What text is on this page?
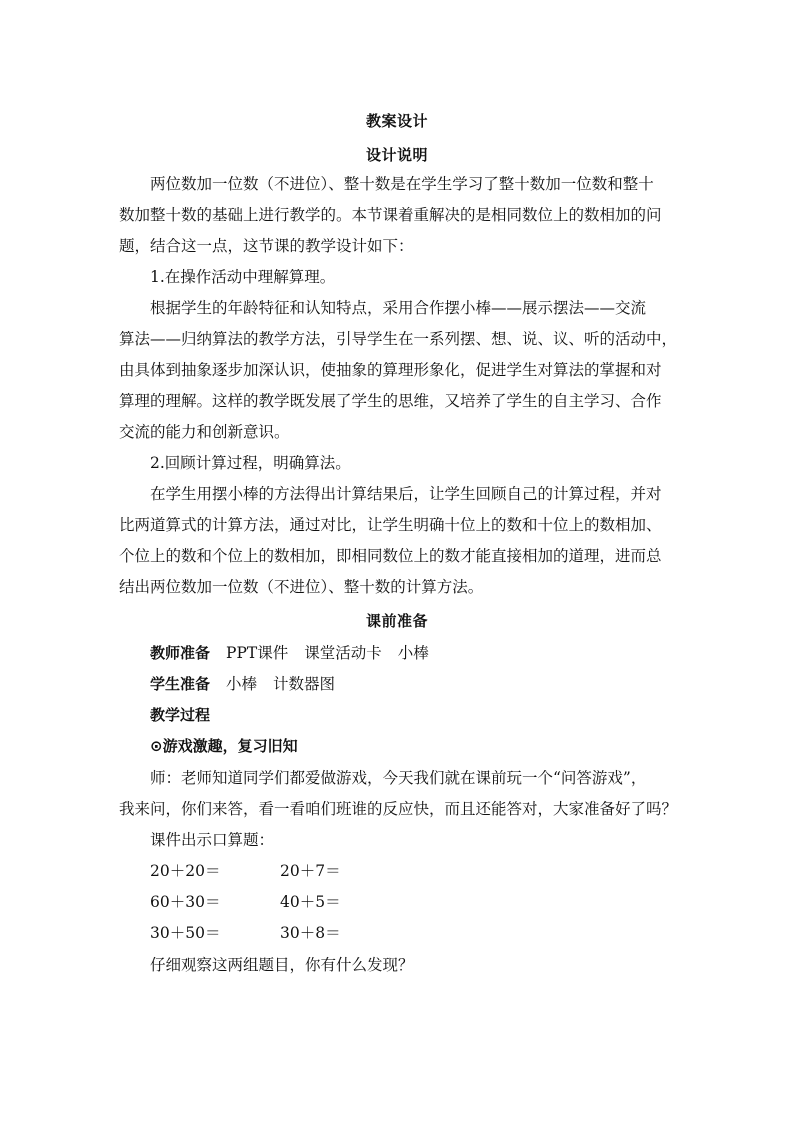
教案设计
设计说明
两位数加一位数（不进位）、整十数是在学生学习了整十数加一位数和整十
数加整十数的基础上进行教学的。本节课着重解决的是相同数位上的数相加的问
题，结合这一点，这节课的教学设计如下：
1.在操作活动中理解算理。
根据学生的年龄特征和认知特点，采用合作摆小棒——展示摆法——交流
算法——归纳算法的教学方法，引导学生在一系列摆、想、说、议、听的活动中，
由具体到抽象逐步加深认识，使抽象的算理形象化，促进学生对算法的掌握和对
算理的理解。这样的教学既发展了学生的思维，又培养了学生的自主学习、合作
交流的能力和创新意识。
2.回顾计算过程，明确算法。
在学生用摆小棒的方法得出计算结果后，让学生回顾自己的计算过程，并对
比两道算式的计算方法，通过对比，让学生明确十位上的数和十位上的数相加、
个位上的数和个位上的数相加，即相同数位上的数才能直接相加的道理，进而总
结出两位数加一位数（不进位）、整十数的计算方法。
课前准备
教师准备 PPT课件 课堂活动卡 小棒
学生准备 小棒 计数器图
教学过程
⊙游戏激趣，复习旧知
师：老师知道同学们都爱做游戏，今天我们就在课前玩一个“问答游戏”，
我来问，你们来答，看一看咱们班谁的反应快，而且还能答对，大家准备好了吗？
课件出示口算题：
20＋20＝	20＋7＝
60＋30＝	40＋5＝
30＋50＝	30＋8＝
仔细观察这两组题目，你有什么发现？
